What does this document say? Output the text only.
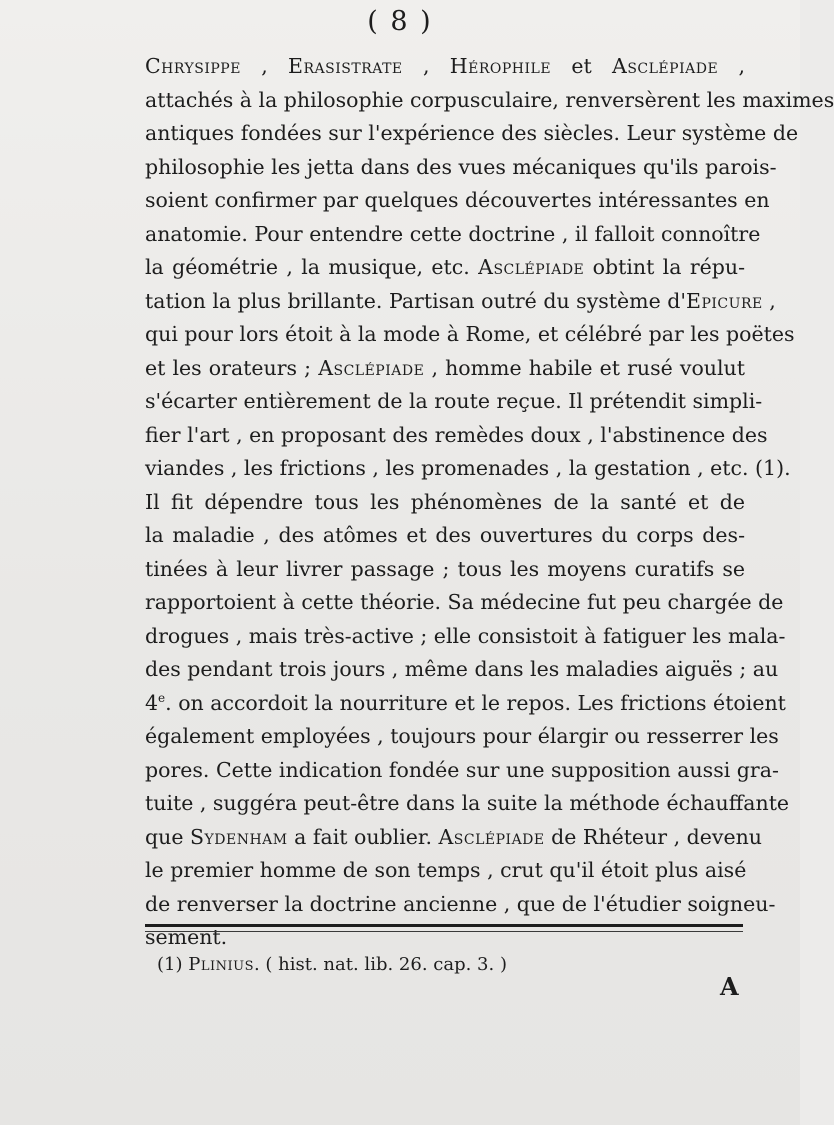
( 8 )
Chrysippe , Erasistrate , Hérophile et Asclépiade ,
attachés à la philosophie corpusculaire, renversèrent les maximes
antiques fondées sur l'expérience des siècles. Leur système de
philosophie les jetta dans des vues mécaniques qu'ils parois-
soient confirmer par quelques découvertes intéressantes en
anatomie. Pour entendre cette doctrine , il falloit connoître
la géométrie , la musique, etc. Asclépiade obtint la répu-
tation la plus brillante. Partisan outré du système d'Epicure ,
qui pour lors étoit à la mode à Rome, et célébré par les poëtes
et les orateurs ; Asclépiade , homme habile et rusé voulut
s'écarter entièrement de la route reçue. Il prétendit simpli-
fier l'art , en proposant des remèdes doux , l'abstinence des
viandes , les frictions , les promenades , la gestation , etc. (1).
Il fit dépendre tous les phénomènes de la santé et de
la maladie , des atômes et des ouvertures du corps des-
tinées à leur livrer passage ; tous les moyens curatifs se
rapportoient à cette théorie. Sa médecine fut peu chargée de
drogues , mais très-active ; elle consistoit à fatiguer les mala-
des pendant trois jours , même dans les maladies aiguës ; au
4e. on accordoit la nourriture et le repos. Les frictions étoient
également employées , toujours pour élargir ou resserrer les
pores. Cette indication fondée sur une supposition aussi gra-
tuite , suggéra peut-être dans la suite la méthode échauffante
que Sydenham a fait oublier. Asclépiade de Rhéteur , devenu
le premier homme de son temps , crut qu'il étoit plus aisé
de renverser la doctrine ancienne , que de l'étudier soigneu-
sement.
(1) Plinius. ( hist. nat. lib. 26. cap. 3. )
A
